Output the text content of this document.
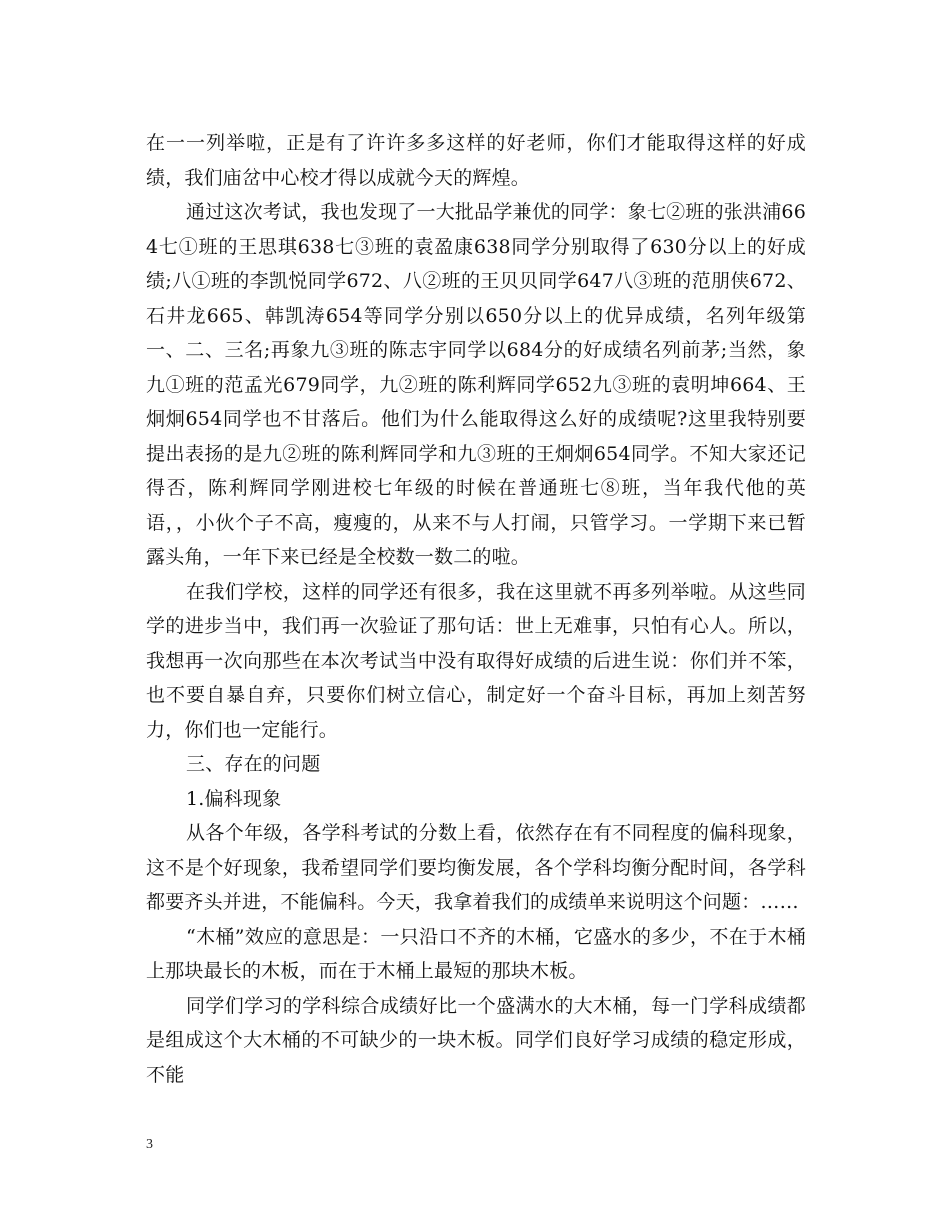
在一一列举啦，正是有了许许多多这样的好老师，你们才能取得这样的好成绩，我们庙岔中心校才得以成就今天的辉煌。

通过这次考试，我也发现了一大批品学兼优的同学：象七②班的张洪浦664七①班的王思琪638七③班的袁盈康638同学分别取得了630分以上的好成绩;八①班的李凯悦同学672、八②班的王贝贝同学647八③班的范朋侠672、石井龙665、韩凯涛654等同学分别以650分以上的优异成绩，名列年级第一、二、三名;再象九③班的陈志宇同学以684分的好成绩名列前茅;当然，象九①班的范孟光679同学，九②班的陈利辉同学652九③班的袁明坤664、王炯炯654同学也不甘落后。他们为什么能取得这么好的成绩呢?这里我特别要提出表扬的是九②班的陈利辉同学和九③班的王炯炯654同学。不知大家还记得否，陈利辉同学刚进校七年级的时候在普通班七⑧班，当年我代他的英语，，小伙个子不高，瘦瘦的，从来不与人打闹，只管学习。一学期下来已暂露头角，一年下来已经是全校数一数二的啦。

在我们学校，这样的同学还有很多，我在这里就不再多列举啦。从这些同学的进步当中，我们再一次验证了那句话：世上无难事，只怕有心人。所以，我想再一次向那些在本次考试当中没有取得好成绩的后进生说：你们并不笨，也不要自暴自弃，只要你们树立信心，制定好一个奋斗目标，再加上刻苦努力，你们也一定能行。

三、存在的问题

1.偏科现象

从各个年级，各学科考试的分数上看，依然存在有不同程度的偏科现象，这不是个好现象，我希望同学们要均衡发展，各个学科均衡分配时间，各学科都要齐头并进，不能偏科。今天，我拿着我们的成绩单来说明这个问题：……

“木桶”效应的意思是：一只沿口不齐的木桶，它盛水的多少，不在于木桶上那块最长的木板，而在于木桶上最短的那块木板。

同学们学习的学科综合成绩好比一个盛满水的大木桶，每一门学科成绩都是组成这个大木桶的不可缺少的一块木板。同学们良好学习成绩的稳定形成，不能

3
